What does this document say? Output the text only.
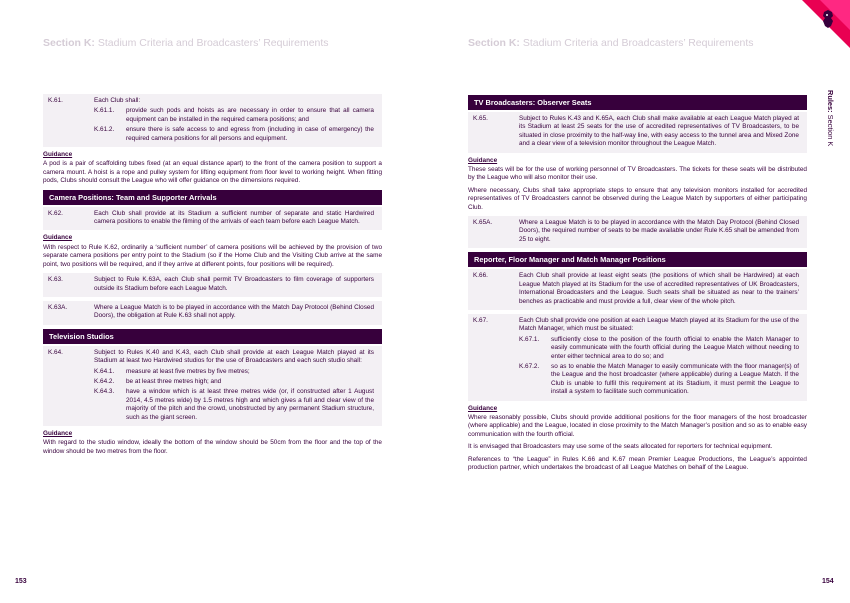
Section K: Stadium Criteria and Broadcasters’ Requirements	Section K: Stadium Criteria and Broadcasters’ Requirements
Rules: Section K
K.61.	Each Club shall:
K.61.1.	provide such pods and hoists as are necessary in order to ensure that all camera equipment can be installed in the required camera positions; and
K.61.2.	ensure there is safe access to and egress from (including in case of emergency) the required camera positions for all persons and equipment.
Guidance
A pod is a pair of scaffolding tubes fixed (at an equal distance apart) to the front of the camera position to support a camera mount. A hoist is a rope and pulley system for lifting equipment from floor level to working height. When fitting pods, Clubs should consult the League who will offer guidance on the dimensions required.
Camera Positions: Team and Supporter Arrivals
K.62.	Each Club shall provide at its Stadium a sufficient number of separate and static Hardwired camera positions to enable the filming of the arrivals of each team before each League Match.
Guidance
With respect to Rule K.62, ordinarily a ‘sufficient number’ of camera positions will be achieved by the provision of two separate camera positions per entry point to the Stadium (so if the Home Club and the Visiting Club arrive at the same point, two positions will be required, and if they arrive at different points, four positions will be required).
K.63.	Subject to Rule K.63A, each Club shall permit TV Broadcasters to film coverage of supporters outside its Stadium before each League Match.
K.63A.	Where a League Match is to be played in accordance with the Match Day Protocol (Behind Closed Doors), the obligation at Rule K.63 shall not apply.
Television Studios
K.64.	Subject to Rules K.40 and K.43, each Club shall provide at each League Match played at its Stadium at least two Hardwired studios for the use of Broadcasters and each such studio shall:
K.64.1.	measure at least five metres by five metres;
K.64.2.	be at least three metres high; and
K.64.3.	have a window which is at least three metres wide (or, if constructed after 1 August 2014, 4.5 metres wide) by 1.5 metres high and which gives a full and clear view of the majority of the pitch and the crowd, unobstructed by any permanent Stadium structure, such as the giant screen.
Guidance
With regard to the studio window, ideally the bottom of the window should be 50cm from the floor and the top of the window should be two metres from the floor.
TV Broadcasters: Observer Seats
K.65.	Subject to Rules K.43 and K.65A, each Club shall make available at each League Match played at its Stadium at least 25 seats for the use of accredited representatives of TV Broadcasters, to be situated in close proximity to the half-way line, with easy access to the tunnel area and Mixed Zone and a clear view of a television monitor throughout the League Match.
Guidance
These seats will be for the use of working personnel of TV Broadcasters. The tickets for these seats will be distributed by the League who will also monitor their use.
Where necessary, Clubs shall take appropriate steps to ensure that any television monitors installed for accredited representatives of TV Broadcasters cannot be observed during the League Match by supporters of either participating Club.
K.65A.	Where a League Match is to be played in accordance with the Match Day Protocol (Behind Closed Doors), the required number of seats to be made available under Rule K.65 shall be amended from 25 to eight.
Reporter, Floor Manager and Match Manager Positions
K.66.	Each Club shall provide at least eight seats (the positions of which shall be Hardwired) at each League Match played at its Stadium for the use of accredited representatives of UK Broadcasters, International Broadcasters and the League. Such seats shall be situated as near to the trainers’ benches as practicable and must provide a full, clear view of the whole pitch.
K.67.	Each Club shall provide one position at each League Match played at its Stadium for the use of the Match Manager, which must be situated:
K.67.1.	sufficiently close to the position of the fourth official to enable the Match Manager to easily communicate with the fourth official during the League Match without needing to enter either technical area to do so; and
K.67.2.	so as to enable the Match Manager to easily communicate with the floor manager(s) of the League and the host broadcaster (where applicable) during a League Match. If the Club is unable to fulfil this requirement at its Stadium, it must permit the League to install a system to facilitate such communication.
Guidance
Where reasonably possible, Clubs should provide additional positions for the floor managers of the host broadcaster (where applicable) and the League, located in close proximity to the Match Manager’s position and so as to enable easy communication with the fourth official.
It is envisaged that Broadcasters may use some of the seats allocated for reporters for technical equipment.
References to “the League” in Rules K.66 and K.67 mean Premier League Productions, the League’s appointed production partner, which undertakes the broadcast of all League Matches on behalf of the League.
153	154
